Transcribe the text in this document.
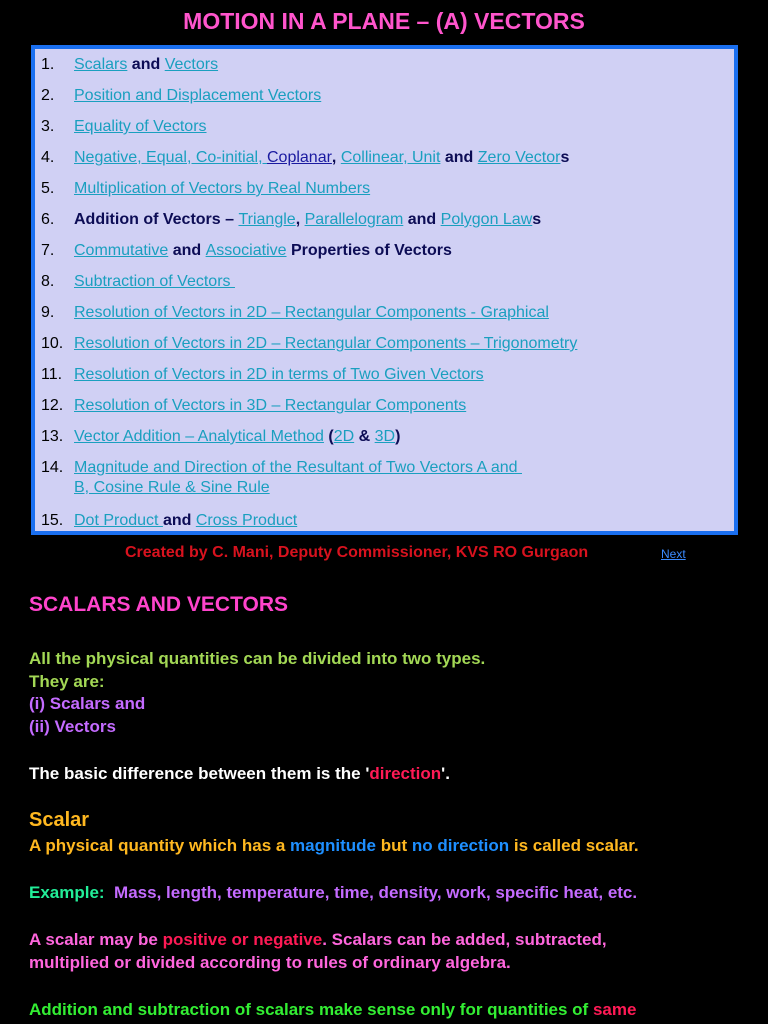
MOTION IN A PLANE – (A) VECTORS
1. Scalars and Vectors
2. Position and Displacement Vectors
3. Equality of Vectors
4. Negative, Equal, Co-initial, Coplanar, Collinear, Unit and Zero Vectors
5. Multiplication of Vectors by Real Numbers
6. Addition of Vectors – Triangle, Parallelogram and Polygon Laws
7. Commutative and Associative Properties of Vectors
8. Subtraction of Vectors
9. Resolution of Vectors in 2D – Rectangular Components - Graphical
10. Resolution of Vectors in 2D – Rectangular Components – Trigonometry
11. Resolution of Vectors in 2D in terms of Two Given Vectors
12. Resolution of Vectors in 3D – Rectangular Components
13. Vector Addition – Analytical Method (2D & 3D)
14. Magnitude and Direction of the Resultant of Two Vectors A and
B, Cosine Rule & Sine Rule
15. Dot Product and Cross Product
Created by C. Mani, Deputy Commissioner, KVS RO Gurgaon	Next
SCALARS AND VECTORS
All the physical quantities can be divided into two types.
They are:
(i) Scalars and
(ii) Vectors
The basic difference between them is the 'direction'.
Scalar
A physical quantity which has a magnitude but no direction is called scalar.
Example: Mass, length, temperature, time, density, work, specific heat, etc.
A scalar may be positive or negative. Scalars can be added, subtracted,
multiplied or divided according to rules of ordinary algebra.
Addition and subtraction of scalars make sense only for quantities of same
